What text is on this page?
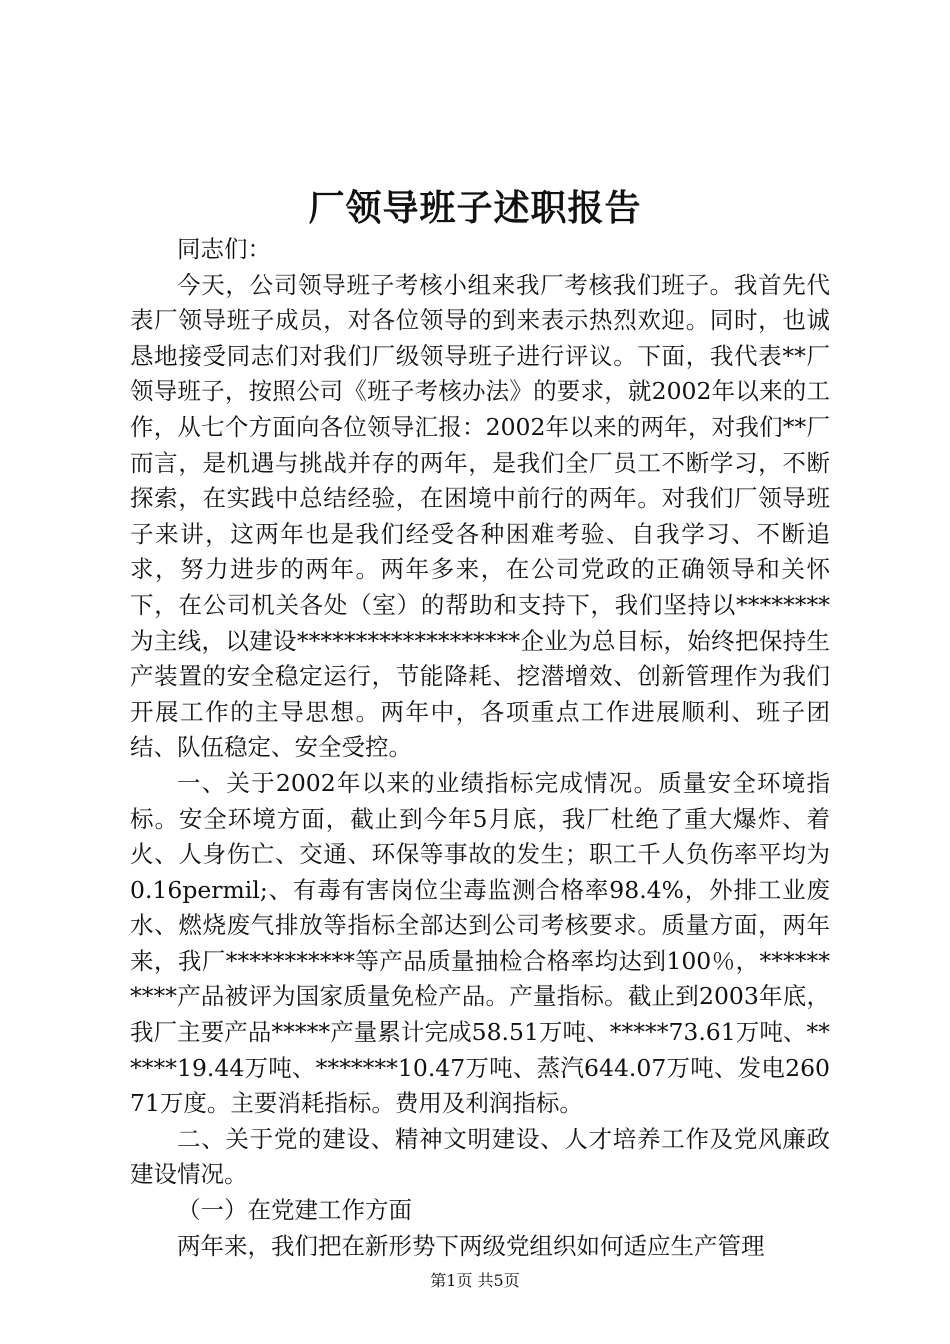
厂领导班子述职报告

同志们：

今天，公司领导班子考核小组来我厂考核我们班子。我首先代表厂领导班子成员，对各位领导的到来表示热烈欢迎。同时，也诚恳地接受同志们对我们厂级领导班子进行评议。下面，我代表**厂领导班子，按照公司《班子考核办法》的要求，就2002年以来的工作，从七个方面向各位领导汇报：2002年以来的两年，对我们**厂而言，是机遇与挑战并存的两年，是我们全厂员工不断学习，不断探索，在实践中总结经验，在困境中前行的两年。对我们厂领导班子来讲，这两年也是我们经受各种困难考验、自我学习、不断追求，努力进步的两年。两年多来，在公司党政的正确领导和关怀下，在公司机关各处（室）的帮助和支持下，我们坚持以********为主线，以建设*******************企业为总目标，始终把保持生产装置的安全稳定运行，节能降耗、挖潜增效、创新管理作为我们开展工作的主导思想。两年中，各项重点工作进展顺利、班子团结、队伍稳定、安全受控。

一、关于2002年以来的业绩指标完成情况。质量安全环境指标。安全环境方面，截止到今年5月底，我厂杜绝了重大爆炸、着火、人身伤亡、交通、环保等事故的发生；职工千人负伤率平均为0.16permil;、有毒有害岗位尘毒监测合格率98.4%，外排工业废水、燃烧废气排放等指标全部达到公司考核要求。质量方面，两年来，我厂***********等产品质量抽检合格率均达到100％，**********产品被评为国家质量免检产品。产量指标。截止到2003年底，我厂主要产品*****产量累计完成58.51万吨、*****73.61万吨、******19.44万吨、*******10.47万吨、蒸汽644.07万吨、发电26071万度。主要消耗指标。费用及利润指标。

二、关于党的建设、精神文明建设、人才培养工作及党风廉政建设情况。

（一）在党建工作方面

两年来，我们把在新形势下两级党组织如何适应生产管理

第1页 共5页
